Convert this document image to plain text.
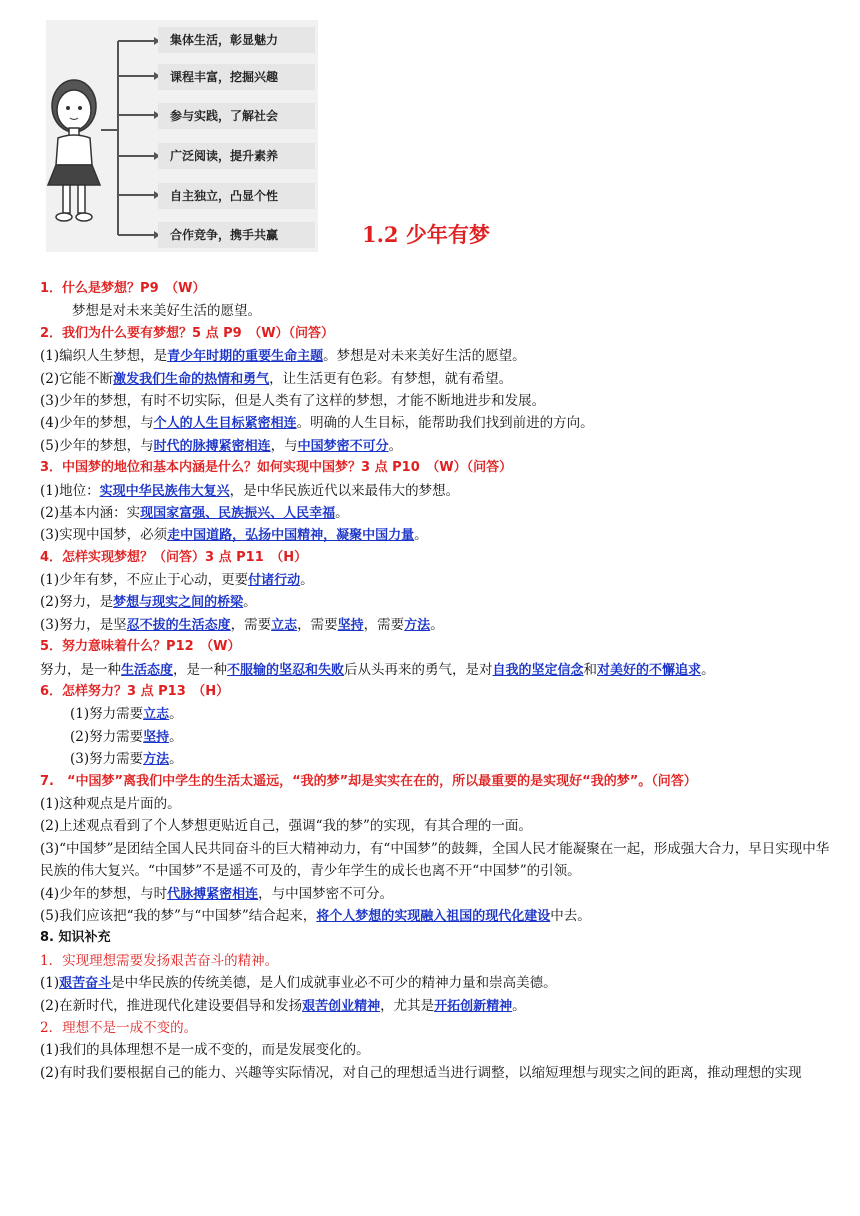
集体生活，彰显魅力
课程丰富，挖掘兴趣
参与实践，了解社会
广泛阅读，提升素养
自主独立，凸显个性
合作竞争，携手共赢	1.2 少年有梦
1．什么是梦想？P9　（W）
梦想是对未来美好生活的愿望。
2．我们为什么要有梦想？5 点 P9　（W）（问答）
(1)编织人生梦想，是青少年时期的重要生命主题。梦想是对未来美好生活的愿望。
(2)它能不断激发我们生命的热情和勇气，让生活更有色彩。有梦想，就有希望。
(3)少年的梦想，有时不切实际，但是人类有了这样的梦想，才能不断地进步和发展。
(4)少年的梦想，与个人的人生目标紧密相连。明确的人生目标，能帮助我们找到前进的方向。
(5)少年的梦想，与时代的脉搏紧密相连，与中国梦密不可分。
3．中国梦的地位和基本内涵是什么？如何实现中国梦？3 点 P10　（W）（问答）
(1)地位：实现中华民族伟大复兴，是中华民族近代以来最伟大的梦想。
(2)基本内涵：实现国家富强、民族振兴、人民幸福。
(3)实现中国梦，必须走中国道路，弘扬中国精神，凝聚中国力量。
4．怎样实现梦想？（问答）3 点 P11　（H）
(1)少年有梦，不应止于心动，更要付诸行动。
(2)努力，是梦想与现实之间的桥梁。
(3)努力，是坚忍不拔的生活态度，需要立志，需要坚持，需要方法。
5．努力意味着什么？P12　（W）
努力，是一种生活态度，是一种不服输的坚忍和失败后从头再来的勇气，是对自我的坚定信念和对美好的不懈追求。
6．怎样努力？3 点 P13　（H）
(1)努力需要立志。
(2)努力需要坚持。
(3)努力需要方法。
7.　“中国梦”离我们中学生的生活太遥远，“我的梦”却是实实在在的，所以最重要的是实现好“我的梦”。（问答）
(1)这种观点是片面的。
(2)上述观点看到了个人梦想更贴近自己，强调“我的梦”的实现，有其合理的一面。
(3)“中国梦”是团结全国人民共同奋斗的巨大精神动力，有“中国梦”的鼓舞，全国人民才能凝聚在一起，形成强大合力，早日实现中华民族的伟大复兴。“中国梦”不是遥不可及的，青少年学生的成长也离不开“中国梦”的引领。
(4)少年的梦想，与时代脉搏紧密相连，与中国梦密不可分。
(5)我们应该把“我的梦”与“中国梦”结合起来，将个人梦想的实现融入祖国的现代化建设中去。
8. 知识补充
1．实现理想需要发扬艰苦奋斗的精神。
(1)艰苦奋斗是中华民族的传统美德，是人们成就事业必不可少的精神力量和崇高美德。
(2)在新时代，推进现代化建设要倡导和发扬艰苦创业精神，尤其是开拓创新精神。
2．理想不是一成不变的。
(1)我们的具体理想不是一成不变的，而是发展变化的。
(2)有时我们要根据自己的能力、兴趣等实际情况，对自己的理想适当进行调整，以缩短理想与现实之间的距离，推动理想的实现
